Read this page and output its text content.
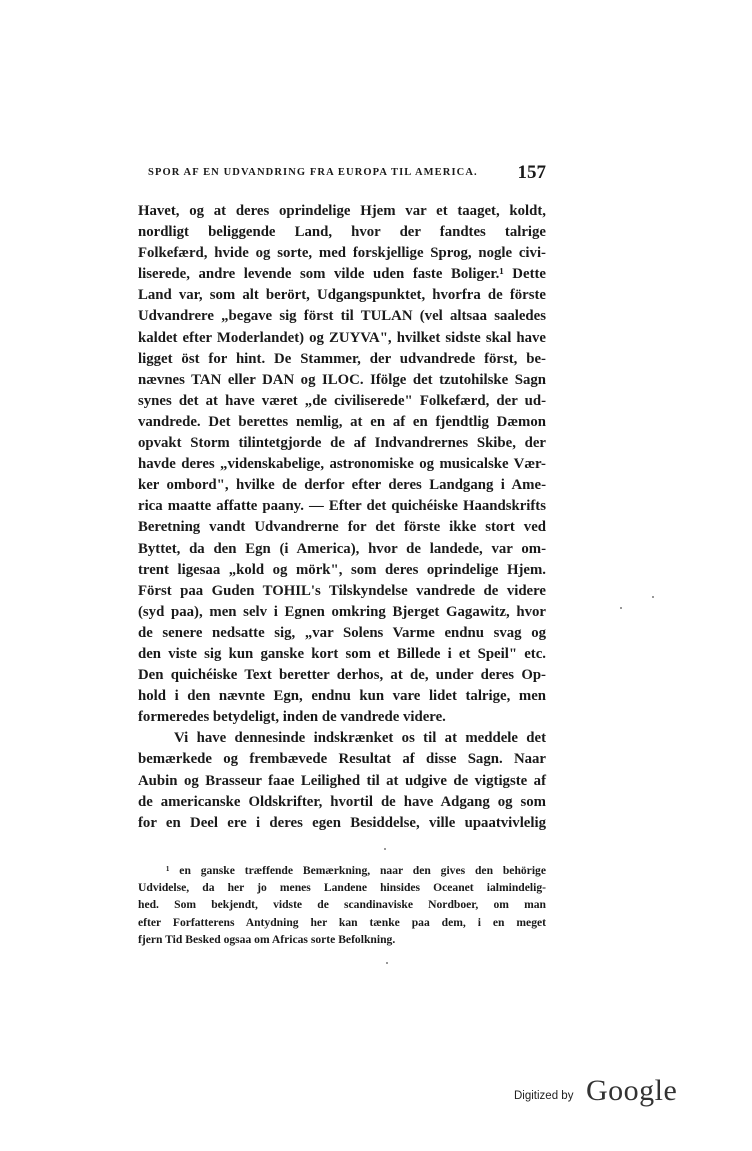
SPOR AF EN UDVANDRING FRA EUROPA TIL AMERICA. 157
Havet, og at deres oprindelige Hjem var et taaget, koldt,
nordligt beliggende Land, hvor der fandtes talrige
Folkefærd, hvide og sorte, med forskjellige Sprog, nogle civi-
liserede, andre levende som vilde uden faste Boliger.¹ Dette
Land var, som alt berört, Udgangspunktet, hvorfra de förste
Udvandrere „begave sig först til TULAN (vel altsaa saaledes
kaldet efter Moderlandet) og ZUYVA", hvilket sidste skal have
ligget öst for hint. De Stammer, der udvandrede först, be-
nævnes TAN eller DAN og ILOC. Ifölge det tzutohilske Sagn
synes det at have været „de civiliserede" Folkefærd, der ud-
vandrede. Det berettes nemlig, at en af en fjendtlig Dæmon
opvakt Storm tilintetgjorde de af Indvandrernes Skibe, der
havde deres „videnskabelige, astronomiske og musicalske Vær-
ker ombord", hvilke de derfor efter deres Landgang i Ame-
rica maatte affatte paany. — Efter det quichéiske Haandskrifts
Beretning vandt Udvandrerne for det förste ikke stort ved
Byttet, da den Egn (i America), hvor de landede, var om-
trent ligesaa „kold og mörk", som deres oprindelige Hjem.
Först paa Guden TOHIL's Tilskyndelse vandrede de videre
(syd paa), men selv i Egnen omkring Bjerget Gagawitz, hvor
de senere nedsatte sig, „var Solens Varme endnu svag og
den viste sig kun ganske kort som et Billede i et Speil" etc.
Den quichéiske Text beretter derhos, at de, under deres Op-
hold i den nævnte Egn, endnu kun vare lidet talrige, men
formeredes betydeligt, inden de vandrede videre.
Vi have dennesinde indskrænket os til at meddele det
bemærkede og frembævede Resultat af disse Sagn. Naar
Aubin og Brasseur faae Leilighed til at udgive de vigtigste af
de americanske Oldskrifter, hvortil de have Adgang og som
for en Deel ere i deres egen Besiddelse, ville upaatvivlelig
¹ en ganske træffende Bemærkning, naar den gives den behörige
Udvidelse, da her jo menes Landene hinsides Oceanet ialmindelig-
hed. Som bekjendt, vidste de scandinaviske Nordboer, om man
efter Forfatterens Antydning her kan tænke paa dem, i en meget
fjern Tid Besked ogsaa om Africas sorte Befolkning.
Digitized by Google
